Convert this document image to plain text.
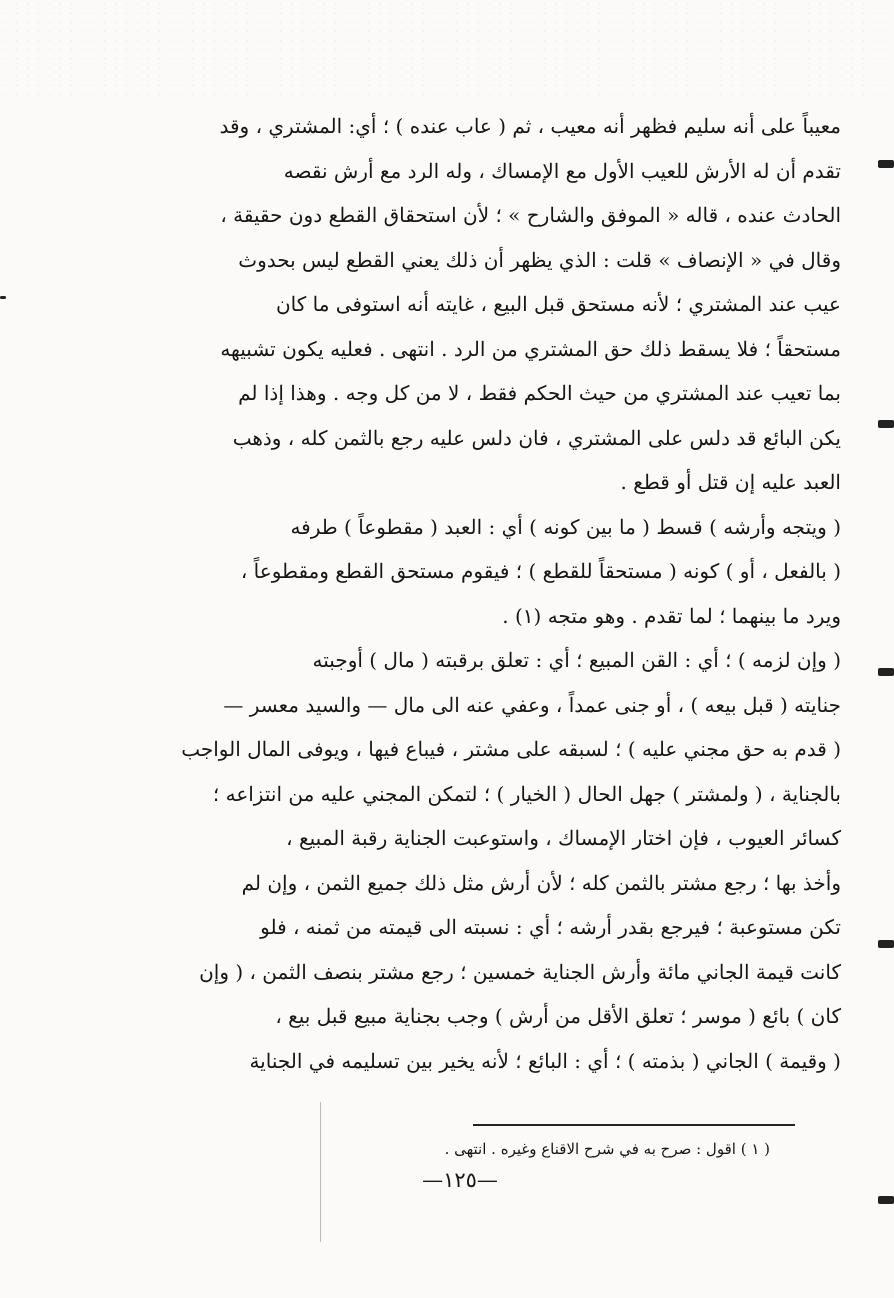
معيباً على أنه سليم فظهر أنه معيب ، ثم ( عاب عنده ) ؛ أي: المشتري ، وقد

تقدم أن له الأرش للعيب الأول مع الإمساك ، وله الرد مع أرش نقصه

الحادث عنده ، قاله « الموفق والشارح » ؛ لأن استحقاق القطع دون حقيقة ،

وقال في « الإنصاف » قلت : الذي يظهر أن ذلك يعني القطع ليس بحدوث

عيب عند المشتري ؛ لأنه مستحق قبل البيع ، غايته أنه استوفى ما كان

مستحقاً ؛ فلا يسقط ذلك حق المشتري من الرد . انتهى . فعليه يكون تشبيهه

بما تعيب عند المشتري من حيث الحكم فقط ، لا من كل وجه . وهذا إذا لم

يكن البائع قد دلس على المشتري ، فان دلس عليه رجع بالثمن كله ، وذهب

العبد عليه إن قتل أو قطع .

( ويتجه وأرشه ) قسط ( ما بين كونه ) أي : العبد ( مقطوعاً ) طرفه

( بالفعل ، أو ) كونه ( مستحقاً للقطع ) ؛ فيقوم مستحق القطع ومقطوعاً ،

ويرد ما بينهما ؛ لما تقدم . وهو متجه (١) .

( وإن لزمه ) ؛ أي : القن المبيع ؛ أي : تعلق برقبته ( مال ) أوجبته

جنايته ( قبل بيعه ) ، أو جنى عمداً ، وعفي عنه الى مال — والسيد معسر —

( قدم به حق مجني عليه ) ؛ لسبقه على مشتر ، فيباع فيها ، ويوفى المال الواجب

بالجناية ، ( ولمشتر ) جهل الحال ( الخيار ) ؛ لتمكن المجني عليه من انتزاعه ؛

كسائر العيوب ، فإن اختار الإمساك ، واستوعبت الجناية رقبة المبيع ،

وأخذ بها ؛ رجع مشتر بالثمن كله ؛ لأن أرش مثل ذلك جميع الثمن ، وإن لم

تكن مستوعبة ؛ فيرجع بقدر أرشه ؛ أي : نسبته الى قيمته من ثمنه ، فلو

كانت قيمة الجاني مائة وأرش الجناية خمسين ؛ رجع مشتر بنصف الثمن ، ( وإن

كان ) بائع ( موسر ؛ تعلق الأقل من أرش ) وجب بجناية مبيع قبل بيع ،

( وقيمة ) الجاني ( بذمته ) ؛ أي : البائع ؛ لأنه يخير بين تسليمه في الجناية

( ١ ) اقول : صرح به في شرح الاقناع وغيره . انتهى .
—١٢٥—
